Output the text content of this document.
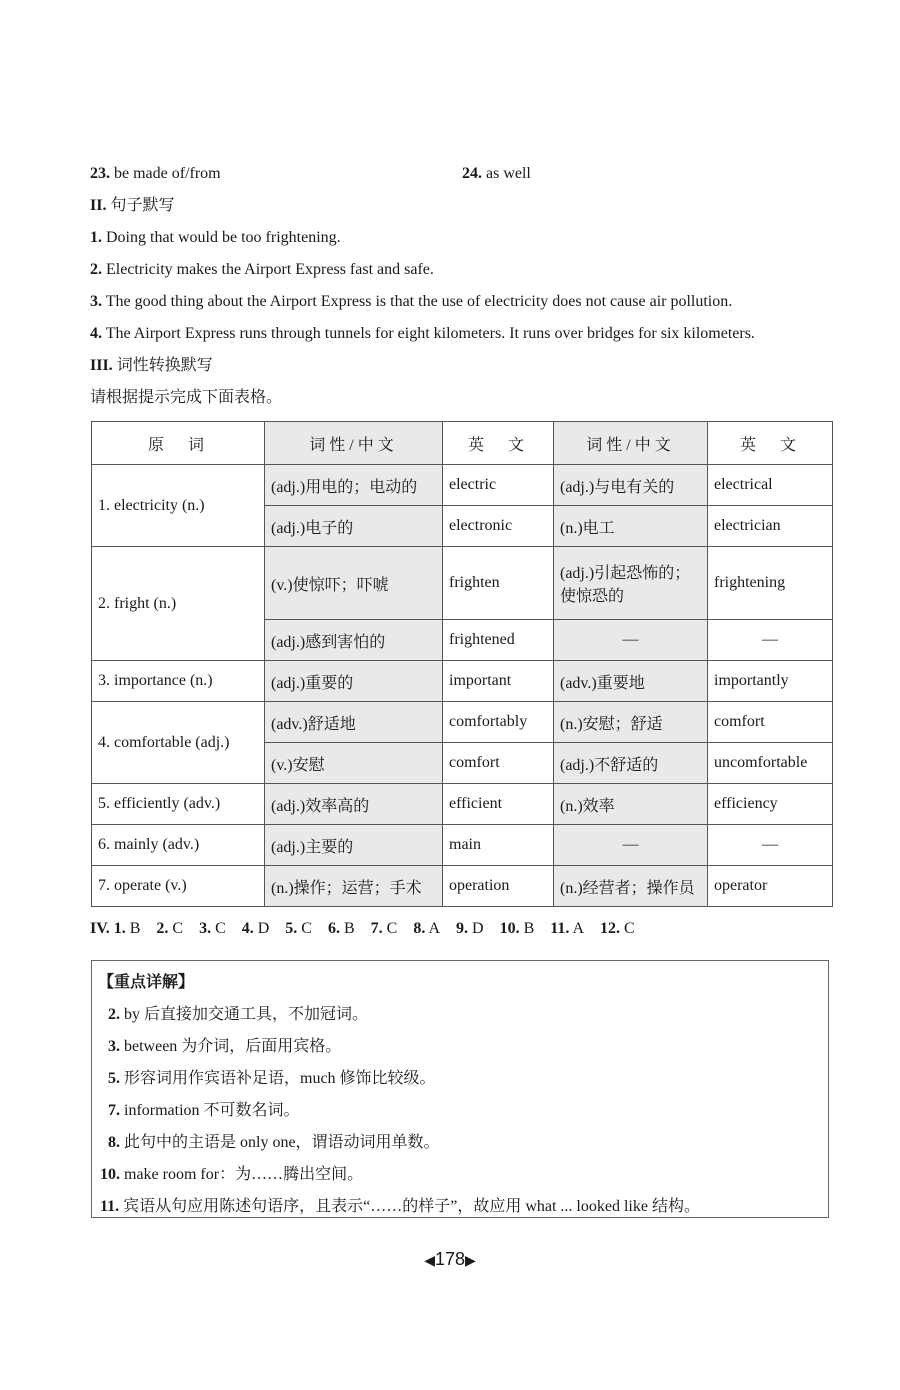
23. be made of/from	24. as well
II. 句子默写
1. Doing that would be too frightening.
2. Electricity makes the Airport Express fast and safe.
3. The good thing about the Airport Express is that the use of electricity does not cause air pollution.
4. The Airport Express runs through tunnels for eight kilometers. It runs over bridges for six kilometers.
III. 词性转换默写
请根据提示完成下面表格。
原　词	词性/中文	英　文	词性/中文	英　文
1. electricity (n.)	(adj.)用电的；电动的	electric	(adj.)与电有关的	electrical
	(adj.)电子的	electronic	(n.)电工	electrician
2. fright (n.)	(v.)使惊吓；吓唬	frighten	(adj.)引起恐怖的；使惊恐的	frightening
	(adj.)感到害怕的	frightened	—	—
3. importance (n.)	(adj.)重要的	important	(adv.)重要地	importantly
4. comfortable (adj.)	(adv.)舒适地	comfortably	(n.)安慰；舒适	comfort
	(v.)安慰	comfort	(adj.)不舒适的	uncomfortable
5. efficiently (adv.)	(adj.)效率高的	efficient	(n.)效率	efficiency
6. mainly (adv.)	(adj.)主要的	main	—	—
7. operate (v.)	(n.)操作；运营；手术	operation	(n.)经营者；操作员	operator
IV. 1. B 2. C 3. C 4. D 5. C 6. B 7. C 8. A 9. D 10. B 11. A 12. C
【重点详解】
2. by 后直接加交通工具，不加冠词。
3. between 为介词，后面用宾格。
5. 形容词用作宾语补足语，much 修饰比较级。
7. information 不可数名词。
8. 此句中的主语是 only one，谓语动词用单数。
10. make room for：为……腾出空间。
11. 宾语从句应用陈述句语序，且表示“……的样子”，故应用 what ... looked like 结构。
◀178▶
